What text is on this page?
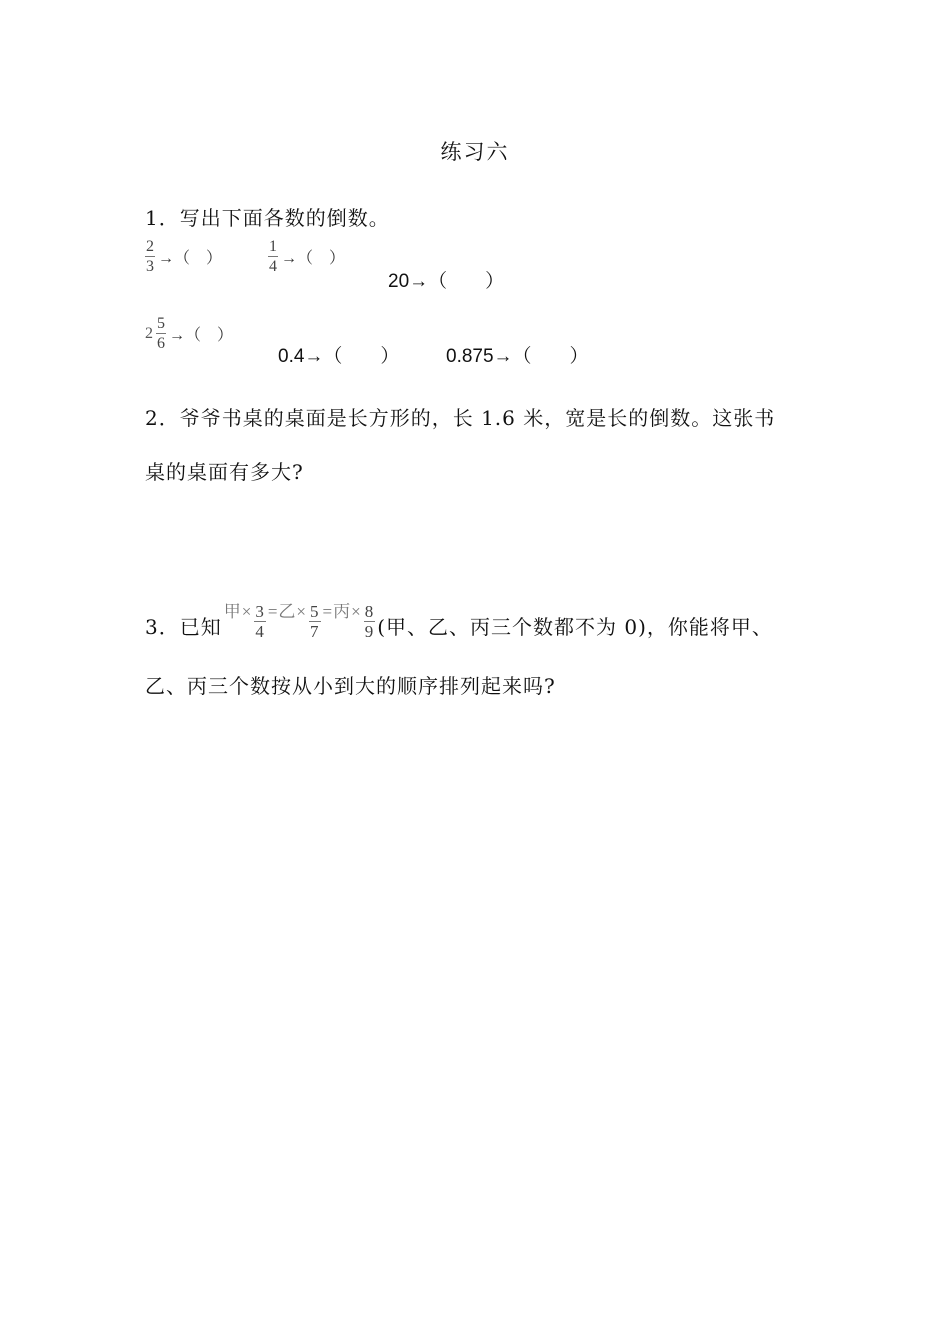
练习六
1．写出下面各数的倒数。
$\frac{2}{3}$ →（　）	$\frac{1}{4}$ →（　）
20→（　　）
$2 \frac{5}{6}$ →（　）
0.4→（　　） 0.875→（　　）
2．爷爷书桌的桌面是长方形的，长 1.6 米，宽是长的倒数。这张书
桌的桌面有多大?
3．已知
甲× $\frac{3}{4}$ =乙× $\frac{5}{7}$ =丙× $\frac{8}{9}$ (甲、乙、丙三个数都不为 0)，你能将甲、
乙、丙三个数按从小到大的顺序排列起来吗?
